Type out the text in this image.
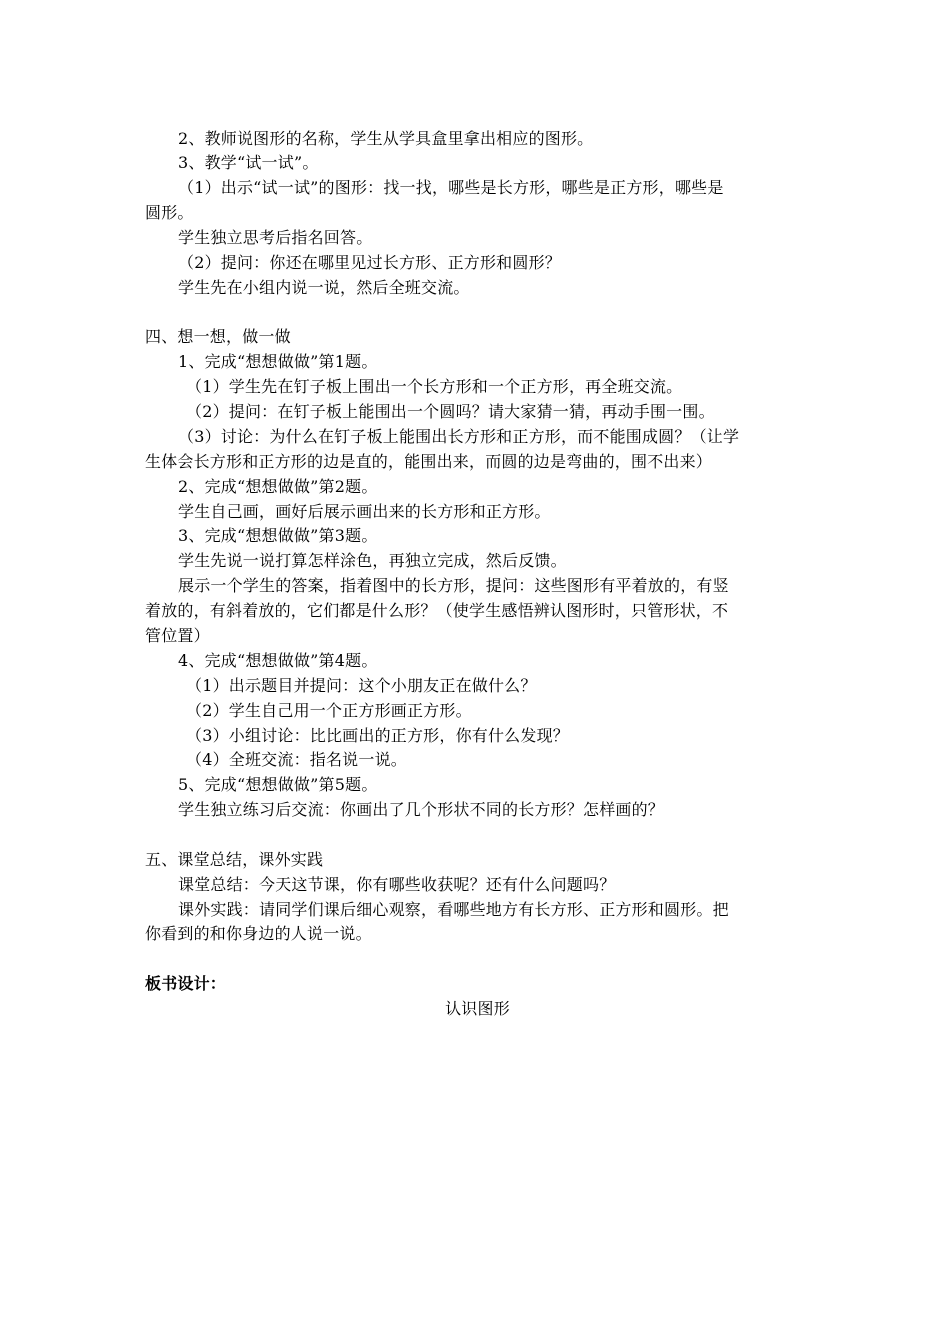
2、教师说图形的名称，学生从学具盒里拿出相应的图形。
3、教学“试一试”。
（1）出示“试一试”的图形：找一找，哪些是长方形，哪些是正方形，哪些是
圆形。
学生独立思考后指名回答。
（2）提问：你还在哪里见过长方形、正方形和圆形？
学生先在小组内说一说，然后全班交流。
四、想一想，做一做
1、完成“想想做做”第1题。
（1）学生先在钉子板上围出一个长方形和一个正方形，再全班交流。
（2）提问：在钉子板上能围出一个圆吗？请大家猜一猜，再动手围一围。
（3）讨论：为什么在钉子板上能围出长方形和正方形，而不能围成圆？（让学
生体会长方形和正方形的边是直的，能围出来，而圆的边是弯曲的，围不出来）
2、完成“想想做做”第2题。
学生自己画，画好后展示画出来的长方形和正方形。
3、完成“想想做做”第3题。
学生先说一说打算怎样涂色，再独立完成，然后反馈。
展示一个学生的答案，指着图中的长方形，提问：这些图形有平着放的，有竖
着放的，有斜着放的，它们都是什么形？（使学生感悟辨认图形时，只管形状，不
管位置）
4、完成“想想做做”第4题。
（1）出示题目并提问：这个小朋友正在做什么？
（2）学生自己用一个正方形画正方形。
（3）小组讨论：比比画出的正方形，你有什么发现？
（4）全班交流：指名说一说。
5、完成“想想做做”第5题。
学生独立练习后交流：你画出了几个形状不同的长方形？怎样画的？
五、课堂总结，课外实践
课堂总结：今天这节课，你有哪些收获呢？还有什么问题吗？
课外实践：请同学们课后细心观察，看哪些地方有长方形、正方形和圆形。把
你看到的和你身边的人说一说。
板书设计：
认识图形
